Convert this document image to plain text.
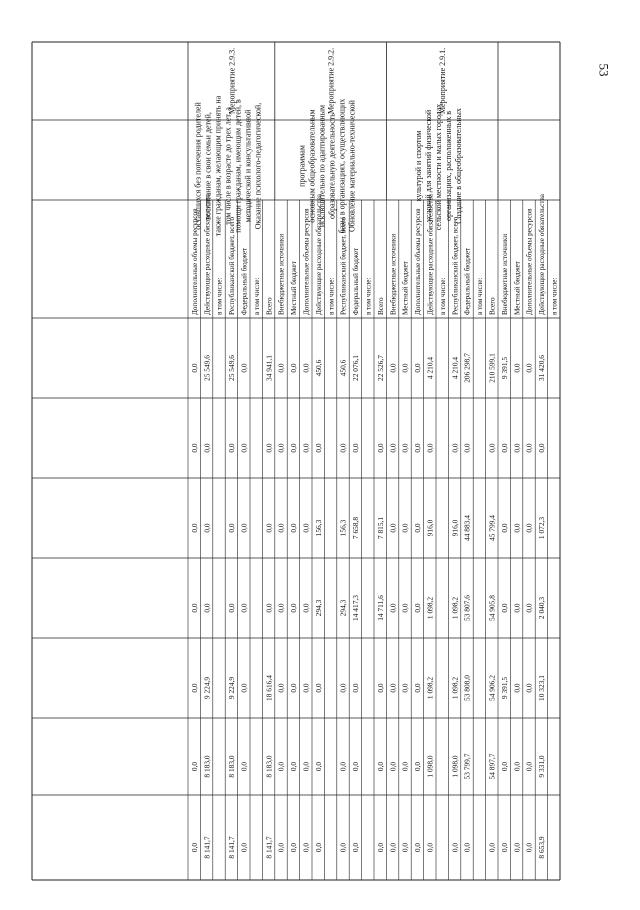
в том числе:
Действующие расходные обязательства
31 420,6
0,0
1 072,3
2 040,3
10 323,1
9 331,0
8 653,9
Дополнительные объемы ресурсов
0,0
0,0
0,0
0,0
0,0
0,0
0,0
Местный бюджет
0,0
0,0
0,0
0,0
0,0
0,0
0,0
Внебюджетные источники
9 391,5
0,0
0,0
0,0
9 391,5
0,0
0,0
Всего
210 599,1
0,0
45 799,4
54 905,8
54 906,2
54 897,7
0,0
в том числе:
Федеральный бюджет
206 298,7
0,0
44 883,4
53 807,6
53 808,0
53 799,7
0,0
Республиканский бюджет, всего
4 210,4
0,0
916,0
1 098,2
1 098,2
1 098,0
0,0
в том числе:
Действующие расходные обязательства
4 210,4
0,0
916,0
1 098,2
1 098,2
1 098,0
0,0
Дополнительные объемы ресурсов
0,0
0,0
0,0
0,0
0,0
0,0
0,0
Местный бюджет
0,0
0,0
0,0
0,0
0,0
0,0
0,0
Внебюджетные источники
0,0
0,0
0,0
0,0
0,0
0,0
0,0
Мероприятие 2.9.1.
Создание в общеобразовательных
организациях, расположенных в
сельской местности и малых городах,
условий для занятий физической
культурой и спортом
Всего
22 526,7
0,0
7 815,1
14 711,6
0,0
0,0
0,0
в том числе:
Федеральный бюджет
22 076,1
0,0
7 658,8
14 417,3
0,0
0,0
0,0
Республиканский бюджет, всего
450,6
0,0
156,3
294,3
0,0
0,0
0,0
в том числе:
Действующие расходные обязательства
450,6
0,0
156,3
294,3
0,0
0,0
0,0
Дополнительные объемы ресурсов
0,0
0,0
0,0
0,0
0,0
0,0
0,0
Местный бюджет
0,0
0,0
0,0
0,0
0,0
0,0
0,0
Внебюджетные источники
0,0
0,0
0,0
0,0
0,0
0,0
0,0
Мероприятие 2.9.2.
Обновление материально-технической
базы в организациях, осуществляющих
образовательную деятельность
исключительно по адаптированным
основным общеобразовательным
программам
Всего
34 941,1
0,0
0,0
0,0
18 616,4
8 183,0
8 141,7
в том числе:
Федеральный бюджет
0,0
0,0
0,0
0,0
0,0
0,0
0,0
Республиканский бюджет, всего
25 549,6
0,0
0,0
0,0
9 224,9
8 183,0
8 141,7
в том числе:
Действующие расходные обязательства
25 549,6
0,0
0,0
0,0
9 224,9
8 183,0
8 141,7
Дополнительные объемы ресурсов
0,0
0,0
0,0
0,0
0,0
0,0
0,0
Мероприятие 2.9.3.
Оказание психолого-педагогической,
методической и консультативной
помощи гражданам, имеющим детей, в
том числе в возрасте до трех лет, а
также гражданам, желающим принять на
воспитание в свои семьи детей,
оставшихся без попечения родителей
53
